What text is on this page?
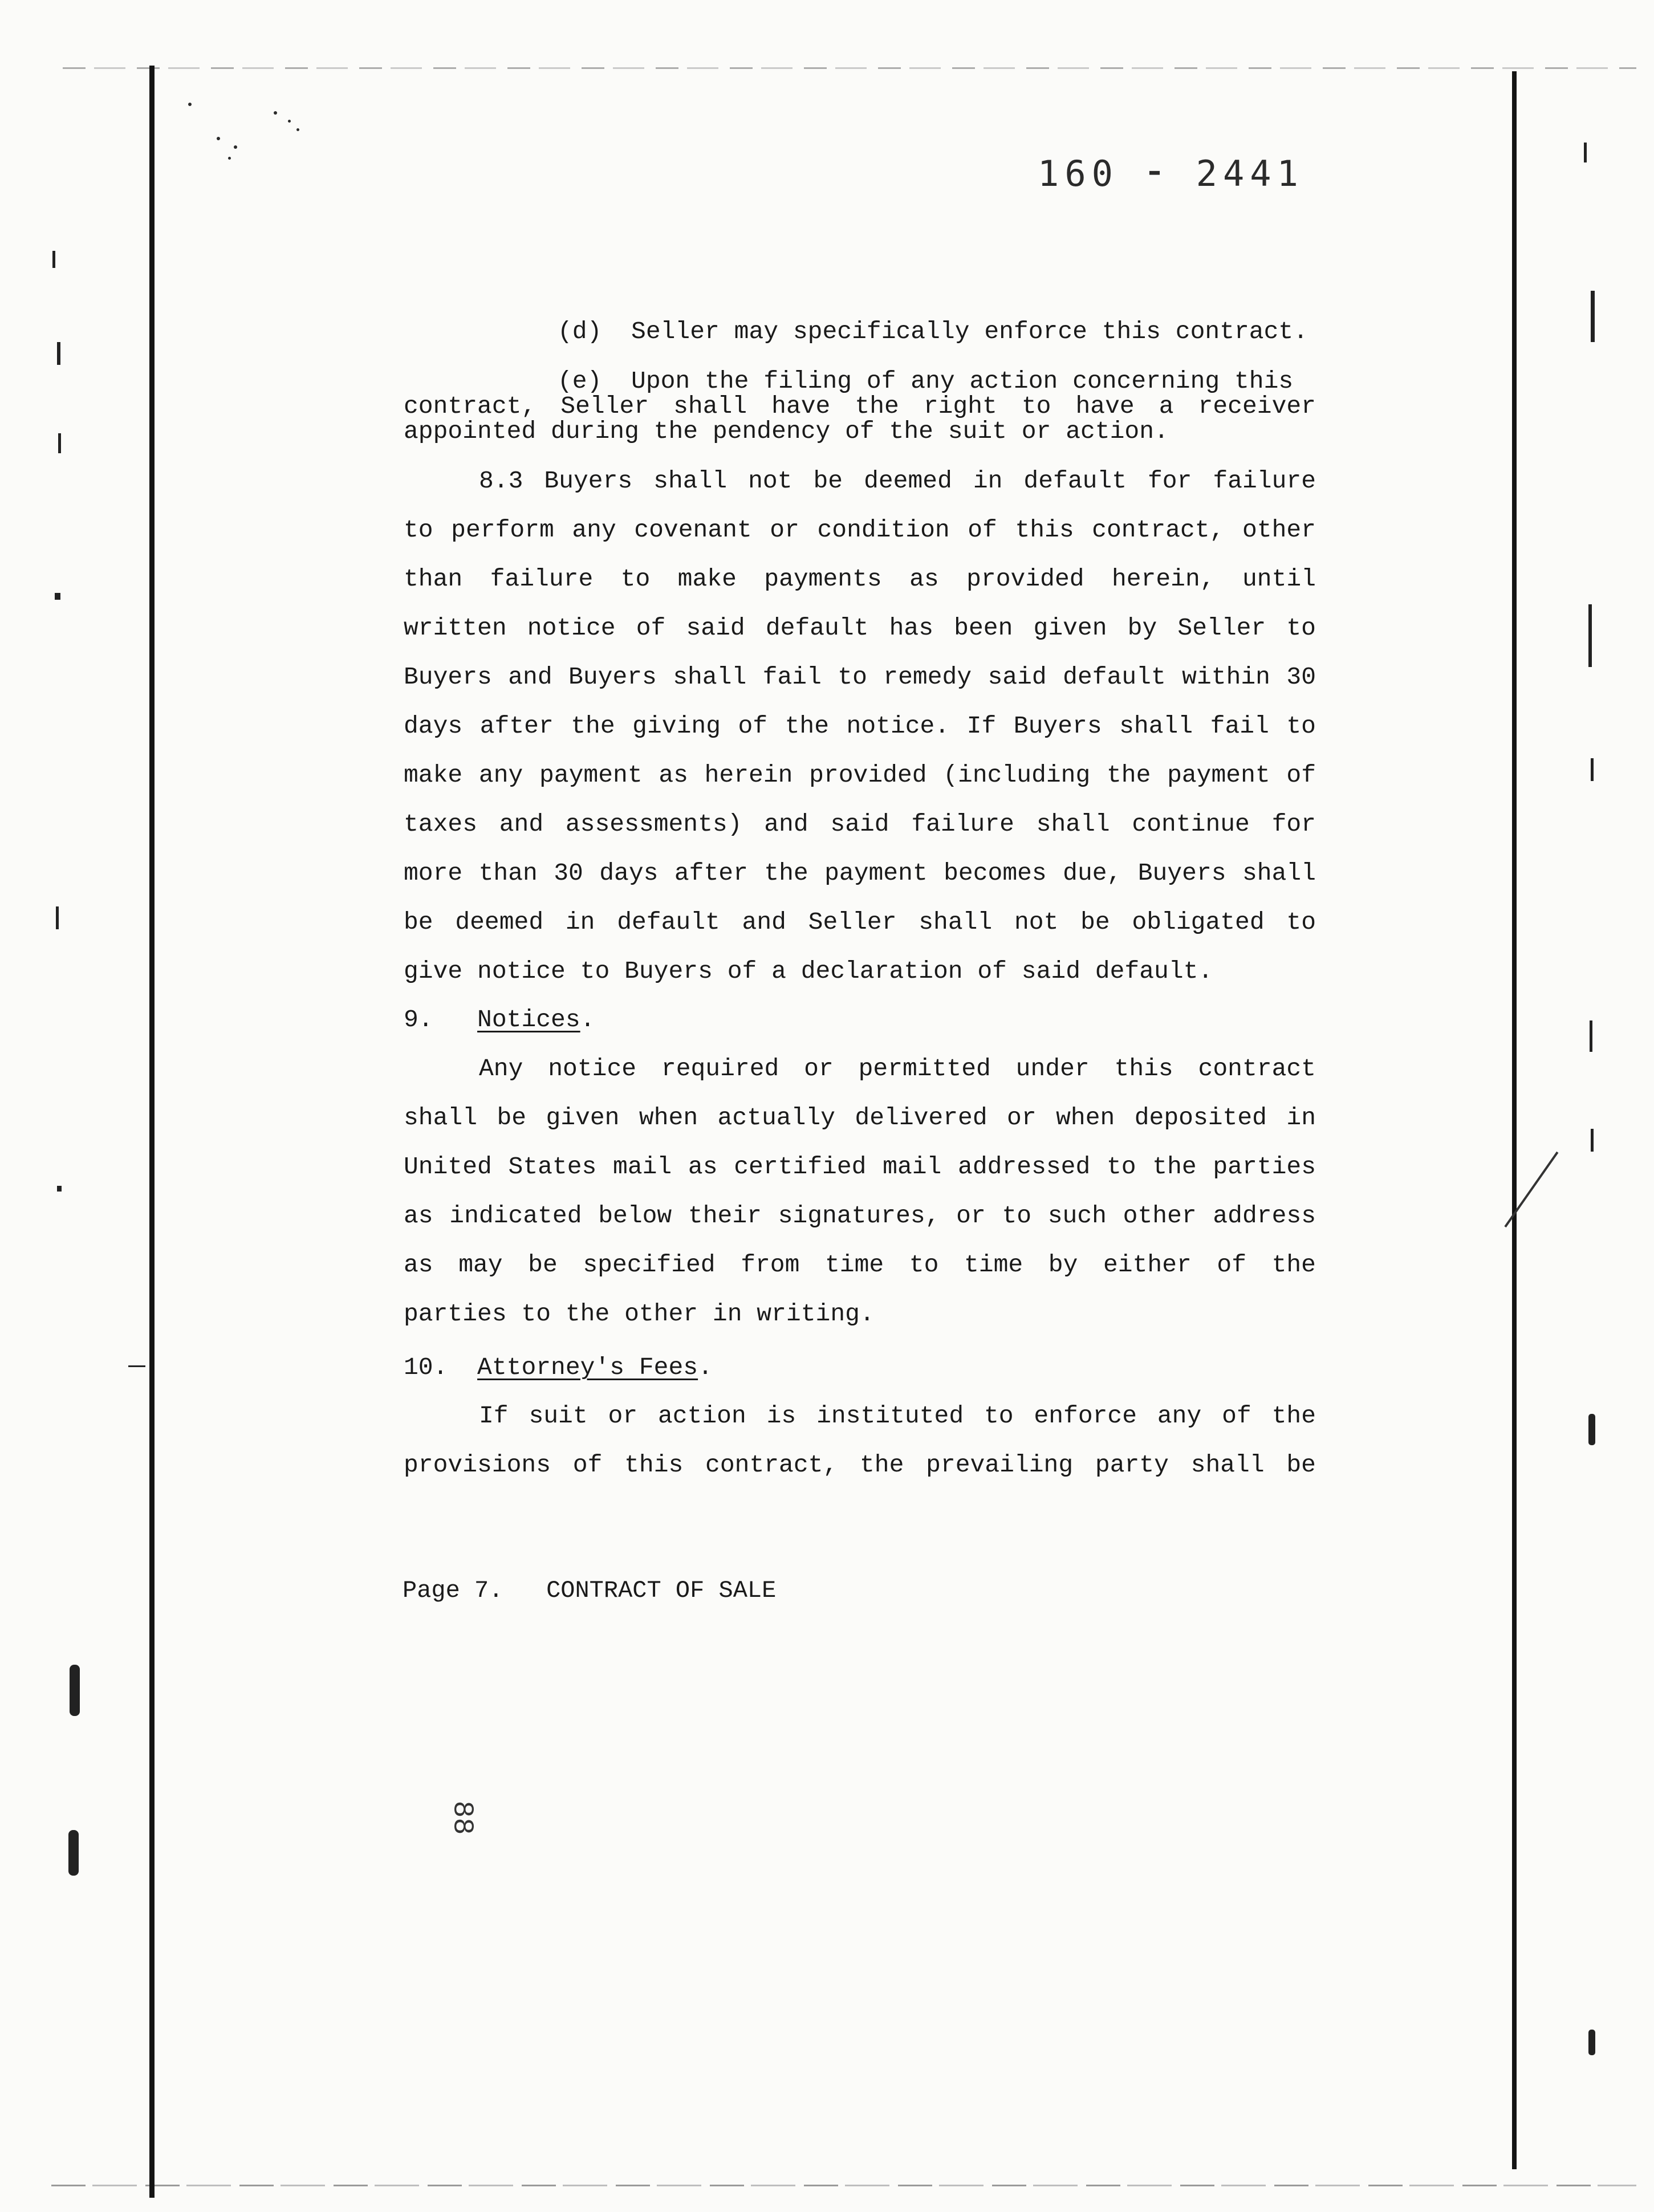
160 ⁃ 2441
(d)  Seller may specifically enforce this contract.
(e)  Upon the filing of any action concerning this
contract, Seller shall have the right to have a receiver
appointed during the pendency of the suit or action.
8.3 Buyers shall not be deemed in default for failure
to perform any covenant or condition of this contract, other
than failure to make payments as provided herein, until
written notice of said default has been given by Seller to
Buyers and Buyers shall fail to remedy said default within 30
days after the giving of the notice. If Buyers shall fail to
make any payment as herein provided (including the payment of
taxes and assessments) and said failure shall continue for
more than 30 days after the payment becomes due, Buyers shall
be deemed in default and Seller shall not be obligated to
give notice to Buyers of a declaration of said default.
9. Notices.
Any notice required or permitted under this contract
shall be given when actually delivered or when deposited in
United States mail as certified mail addressed to the parties
as indicated below their signatures, or to such other address
as may be specified from time to time by either of the
parties to the other in writing.
10. Attorney's Fees.
If suit or action is instituted to enforce any of the
provisions of this contract, the prevailing party shall be
Page 7. CONTRACT OF SALE
88
